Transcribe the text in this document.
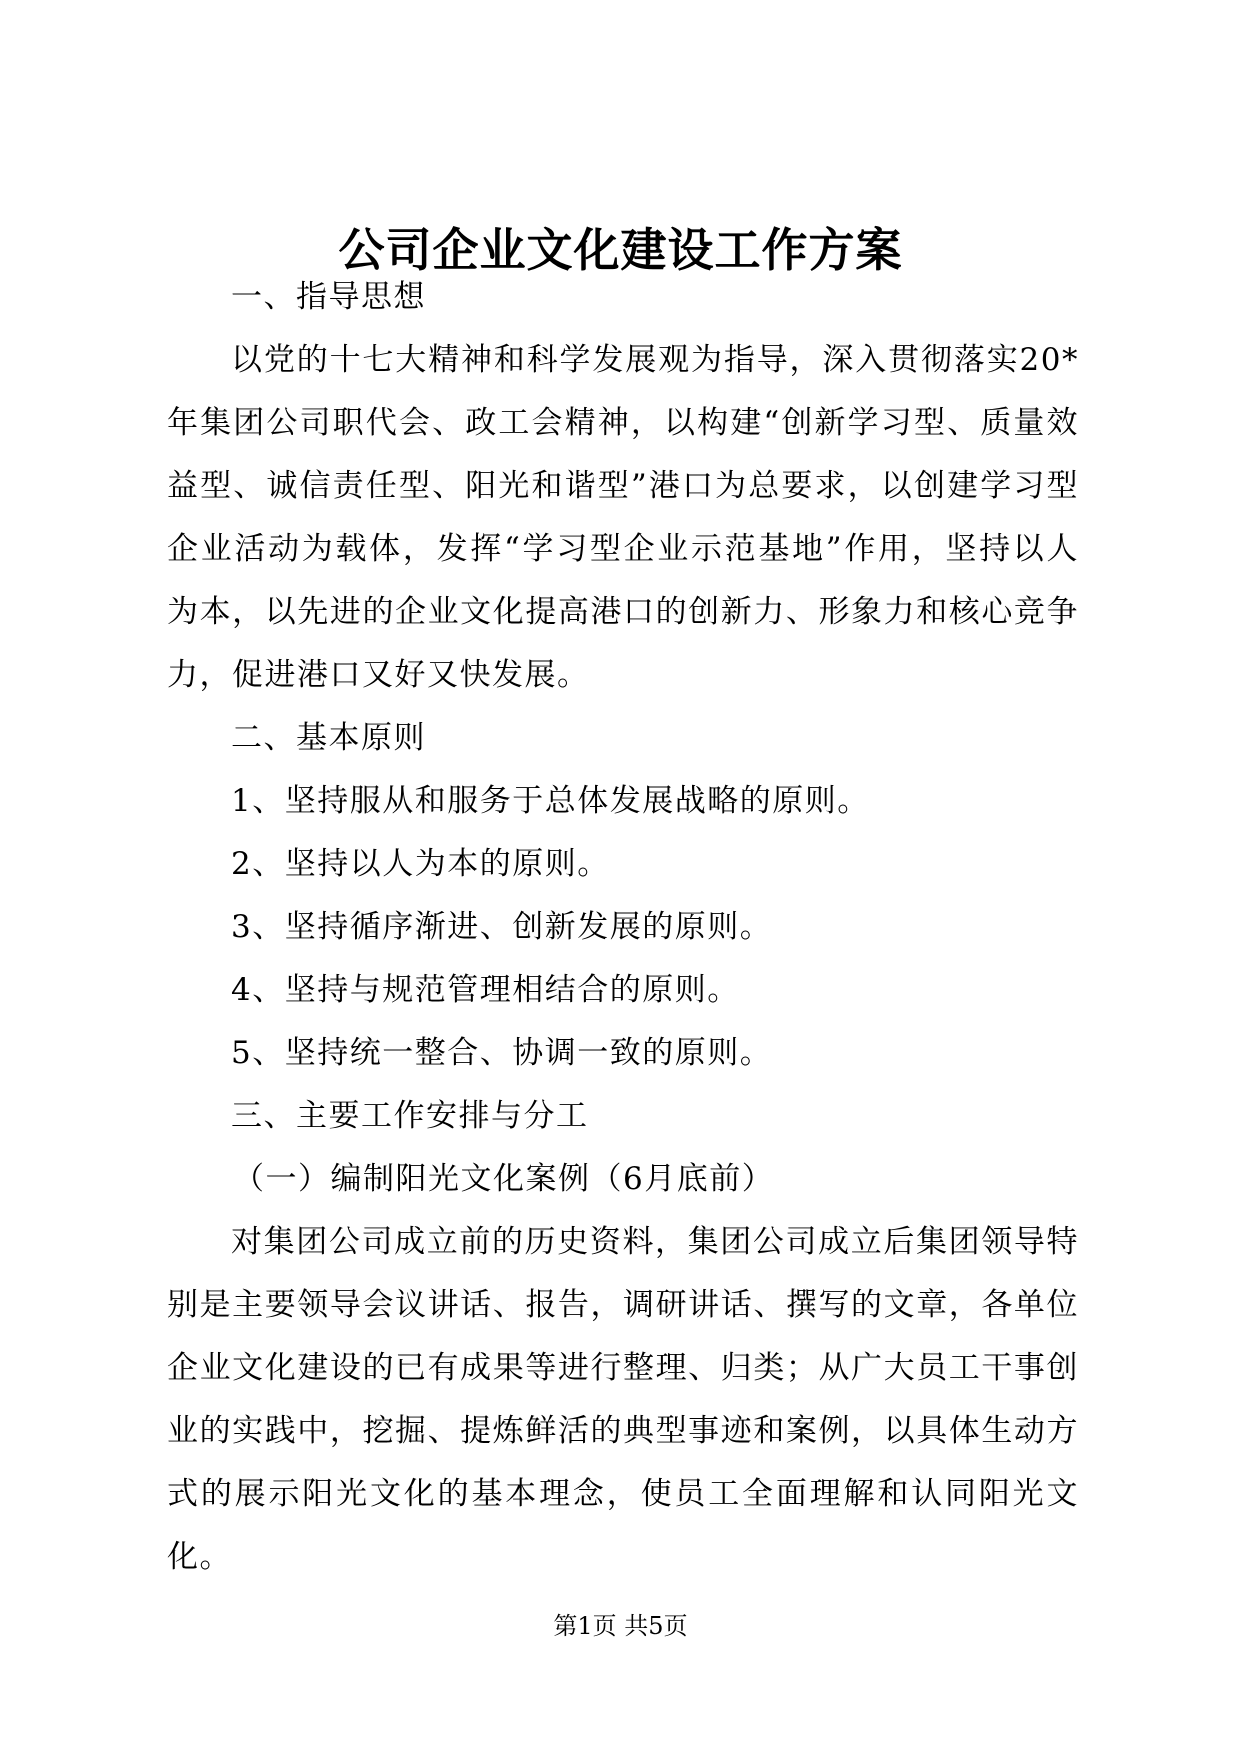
公司企业文化建设工作方案

一、指导思想

以党的十七大精神和科学发展观为指导，深入贯彻落实20*年集团公司职代会、政工会精神，以构建“创新学习型、质量效益型、诚信责任型、阳光和谐型”港口为总要求，以创建学习型企业活动为载体，发挥“学习型企业示范基地”作用，坚持以人为本，以先进的企业文化提高港口的创新力、形象力和核心竞争力，促进港口又好又快发展。

二、基本原则

1、坚持服从和服务于总体发展战略的原则。

2、坚持以人为本的原则。

3、坚持循序渐进、创新发展的原则。

4、坚持与规范管理相结合的原则。

5、坚持统一整合、协调一致的原则。

三、主要工作安排与分工

（一）编制阳光文化案例（6月底前）

对集团公司成立前的历史资料，集团公司成立后集团领导特别是主要领导会议讲话、报告，调研讲话、撰写的文章，各单位企业文化建设的已有成果等进行整理、归类；从广大员工干事创业的实践中，挖掘、提炼鲜活的典型事迹和案例，以具体生动方式的展示阳光文化的基本理念，使员工全面理解和认同阳光文化。

第1页 共5页
